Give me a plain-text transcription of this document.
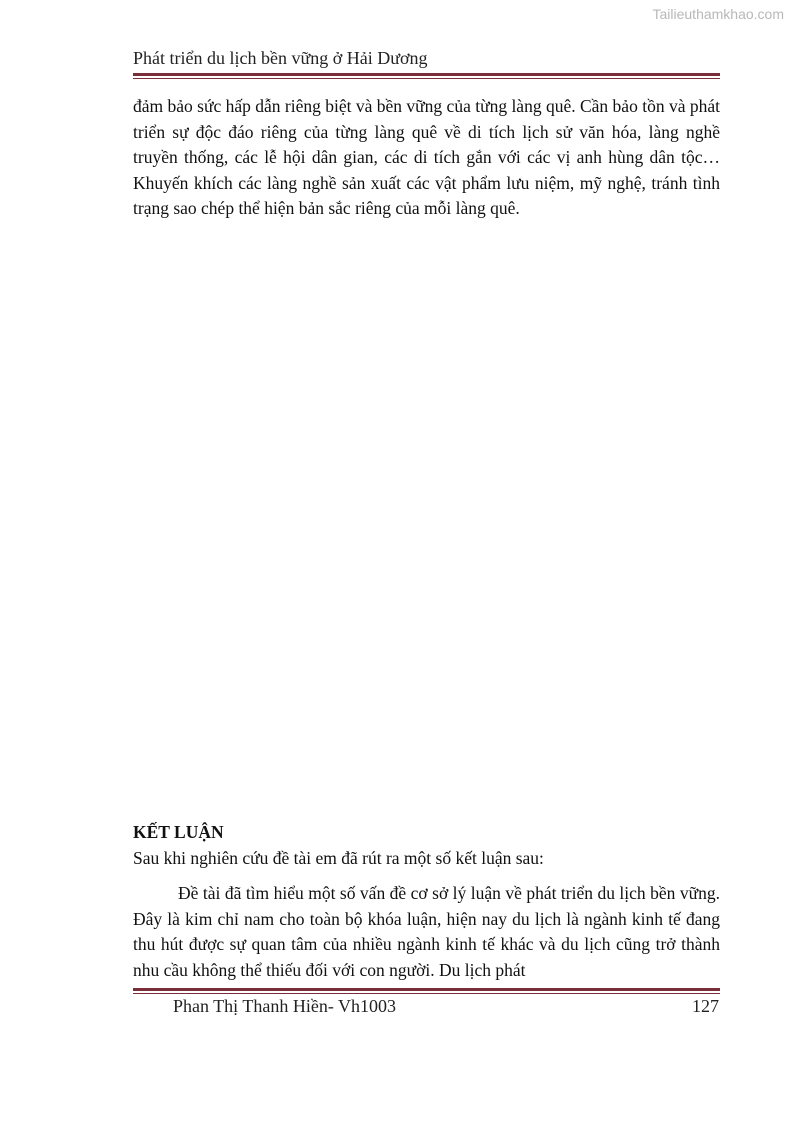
Tailieuthamkhao.com
Phát triển du lịch bền vững ở Hải Dương

đảm bảo sức hấp dẫn riêng biệt và bền vững của từng làng quê. Cần bảo tồn và phát triển sự độc đáo riêng của từng làng quê về di tích lịch sử văn hóa, làng nghề truyền thống, các lễ hội dân gian, các di tích gắn với các vị anh hùng dân tộc… Khuyến khích các làng nghề sản xuất các vật phẩm lưu niệm, mỹ nghệ, tránh tình trạng sao chép thể hiện bản sắc riêng của mỗi làng quê.

KẾT LUẬN

Sau khi nghiên cứu đề tài em đã rút ra một số kết luận sau:

Đề tài đã tìm hiểu một số vấn đề cơ sở lý luận về phát triển du lịch bền vững. Đây là kim chỉ nam cho toàn bộ khóa luận, hiện nay du lịch là ngành kinh tế đang thu hút được sự quan tâm của nhiều ngành kinh tế khác và du lịch cũng trở thành nhu cầu không thể thiếu đối với con người. Du lịch phát

Phan Thị Thanh Hiền- Vh1003	127
